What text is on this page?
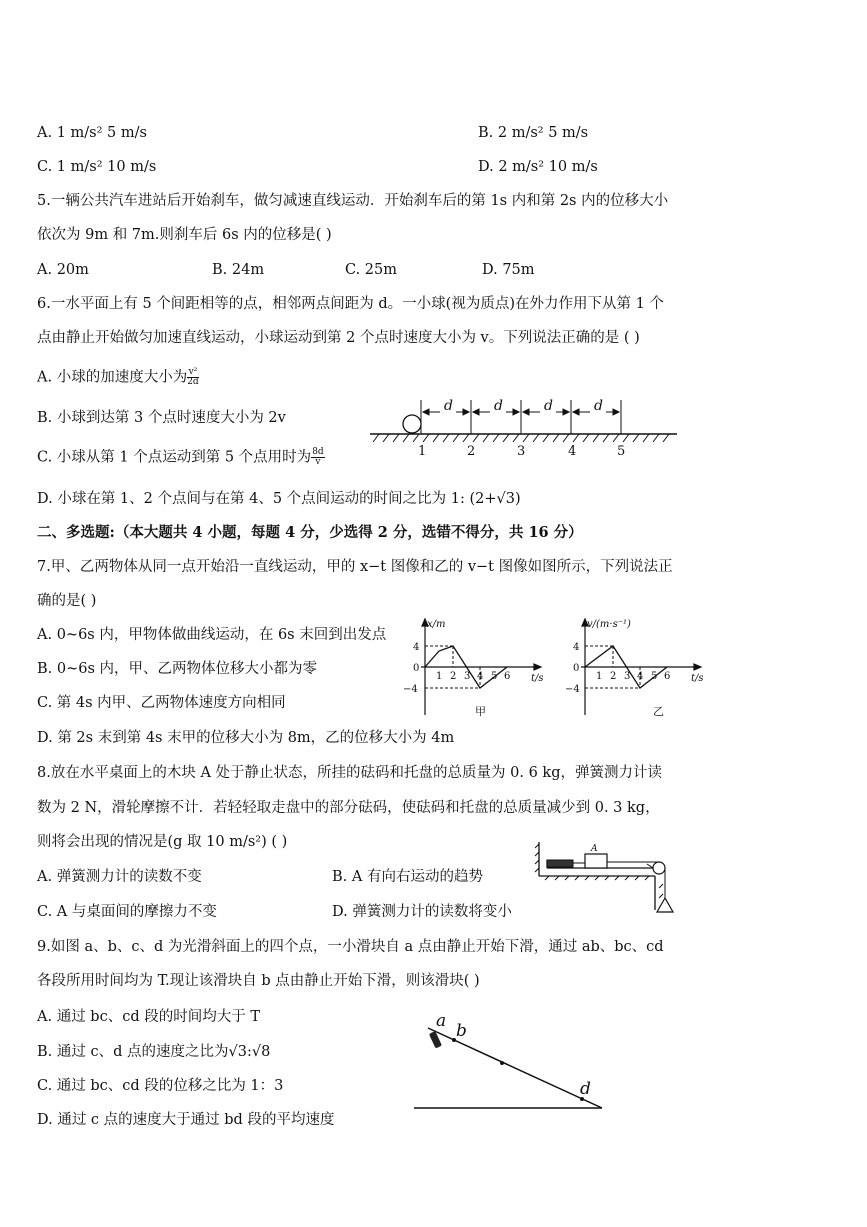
A. 1 m/s² 5 m/s	B. 2 m/s² 5 m/s
C. 1 m/s² 10 m/s	D. 2 m/s² 10 m/s
5.一辆公共汽车进站后开始刹车，做匀减速直线运动．开始刹车后的第 1s 内和第 2s 内的位移大小
依次为 9m 和 7m.则刹车后 6s 内的位移是( )
A. 20m	B. 24m	C. 25m	D. 75m
6.一水平面上有 5 个间距相等的点，相邻两点间距为 d。一小球(视为质点)在外力作用下从第 1 个
点由静止开始做匀加速直线运动，小球运动到第 2 个点时速度大小为 v。下列说法正确的是 ( )
A. 小球的加速度大小为 $\frac{\text{v²}}{2d}$
B. 小球到达第 3 个点时速度大小为 2v
C. 小球从第 1 个点运动到第 5 个点用时为 $\frac{8d}{v}$
D. 小球在第 1、2 个点间与在第 4、5 个点间运动的时间之比为 1: (2+√3)
d	d	d	d
1	2	3	4	5
二、多选题:（本大题共 4 小题，每题 4 分，少选得 2 分，选错不得分，共 16 分）
7.甲、乙两物体从同一点开始沿一直线运动，甲的 x−t 图像和乙的 v−t 图像如图所示，下列说法正
确的是( )
A. 0~6s 内，甲物体做曲线运动，在 6s 末回到出发点
B. 0~6s 内，甲、乙两物体位移大小都为零
C. 第 4s 内甲、乙两物体速度方向相同
D. 第 2s 末到第 4s 末甲的位移大小为 8m，乙的位移大小为 4m
x/m
t/s
4
0
−4
1 2 3 4 5 6
甲
v/(m·s⁻¹)
t/s
4
0
−4
1 2 3 4 5 6
乙
8.放在水平桌面上的木块 A 处于静止状态，所挂的砝码和托盘的总质量为 0. 6 kg，弹簧测力计读
数为 2 N，滑轮摩擦不计．若轻轻取走盘中的部分砝码，使砝码和托盘的总质量减少到 0. 3 kg，
则将会出现的情况是(g 取 10 m/s²) ( )
A. 弹簧测力计的读数不变	B. A 有向右运动的趋势
C. A 与桌面间的摩擦力不变	D. 弹簧测力计的读数将变小
A
9.如图 a、b、c、d 为光滑斜面上的四个点，一小滑块自 a 点由静止开始下滑，通过 ab、bc、cd
各段所用时间均为 T.现让该滑块自 b 点由静止开始下滑，则该滑块( )
A. 通过 bc、cd 段的时间均大于 T
B. 通过 c、d 点的速度之比为√3:√8
C. 通过 bc、cd 段的位移之比为 1：3
D. 通过 c 点的速度大于通过 bd 段的平均速度
a b
d
